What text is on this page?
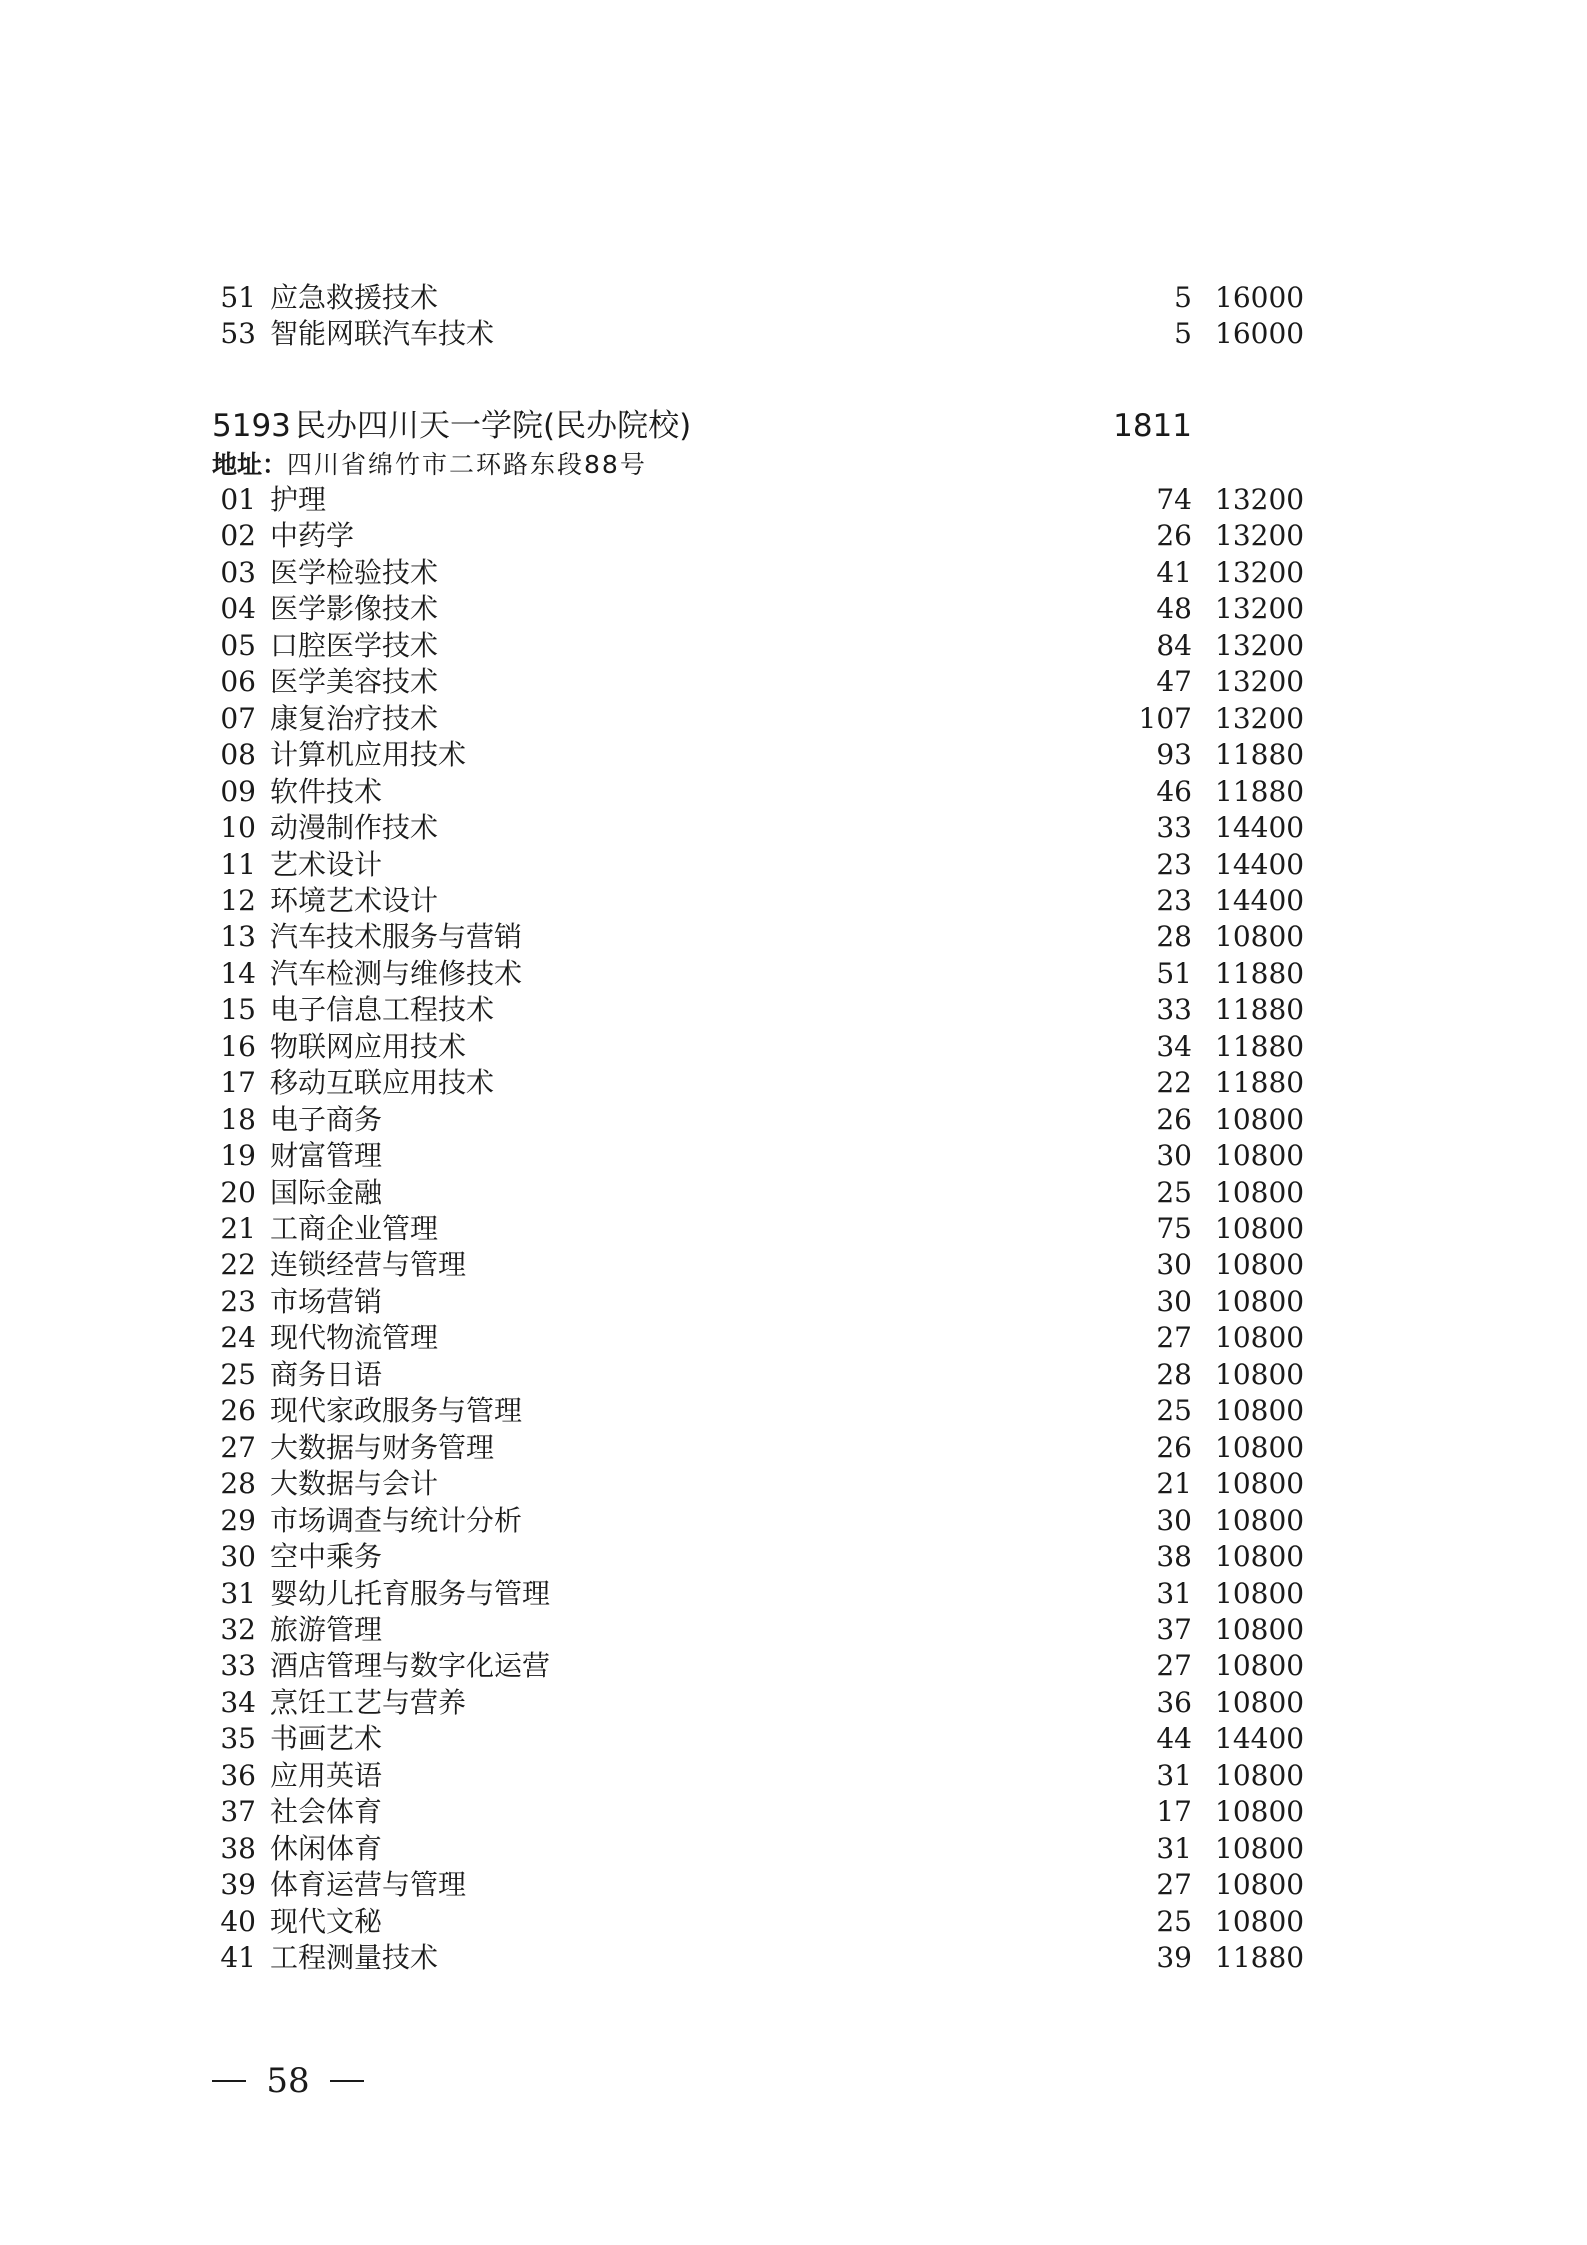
51 应急救援技术	5 16000
53 智能网联汽车技术	5 16000
5193 民办四川天一学院(民办院校)	1811
地址：四川省绵竹市二环路东段88号
01 护理	74 13200
02 中药学	26 13200
03 医学检验技术	41 13200
04 医学影像技术	48 13200
05 口腔医学技术	84 13200
06 医学美容技术	47 13200
07 康复治疗技术	107 13200
08 计算机应用技术	93 11880
09 软件技术	46 11880
10 动漫制作技术	33 14400
11 艺术设计	23 14400
12 环境艺术设计	23 14400
13 汽车技术服务与营销	28 10800
14 汽车检测与维修技术	51 11880
15 电子信息工程技术	33 11880
16 物联网应用技术	34 11880
17 移动互联应用技术	22 11880
18 电子商务	26 10800
19 财富管理	30 10800
20 国际金融	25 10800
21 工商企业管理	75 10800
22 连锁经营与管理	30 10800
23 市场营销	30 10800
24 现代物流管理	27 10800
25 商务日语	28 10800
26 现代家政服务与管理	25 10800
27 大数据与财务管理	26 10800
28 大数据与会计	21 10800
29 市场调查与统计分析	30 10800
30 空中乘务	38 10800
31 婴幼儿托育服务与管理	31 10800
32 旅游管理	37 10800
33 酒店管理与数字化运营	27 10800
34 烹饪工艺与营养	36 10800
35 书画艺术	44 14400
36 应用英语	31 10800
37 社会体育	17 10800
38 休闲体育	31 10800
39 体育运营与管理	27 10800
40 现代文秘	25 10800
41 工程测量技术	39 11880
58
